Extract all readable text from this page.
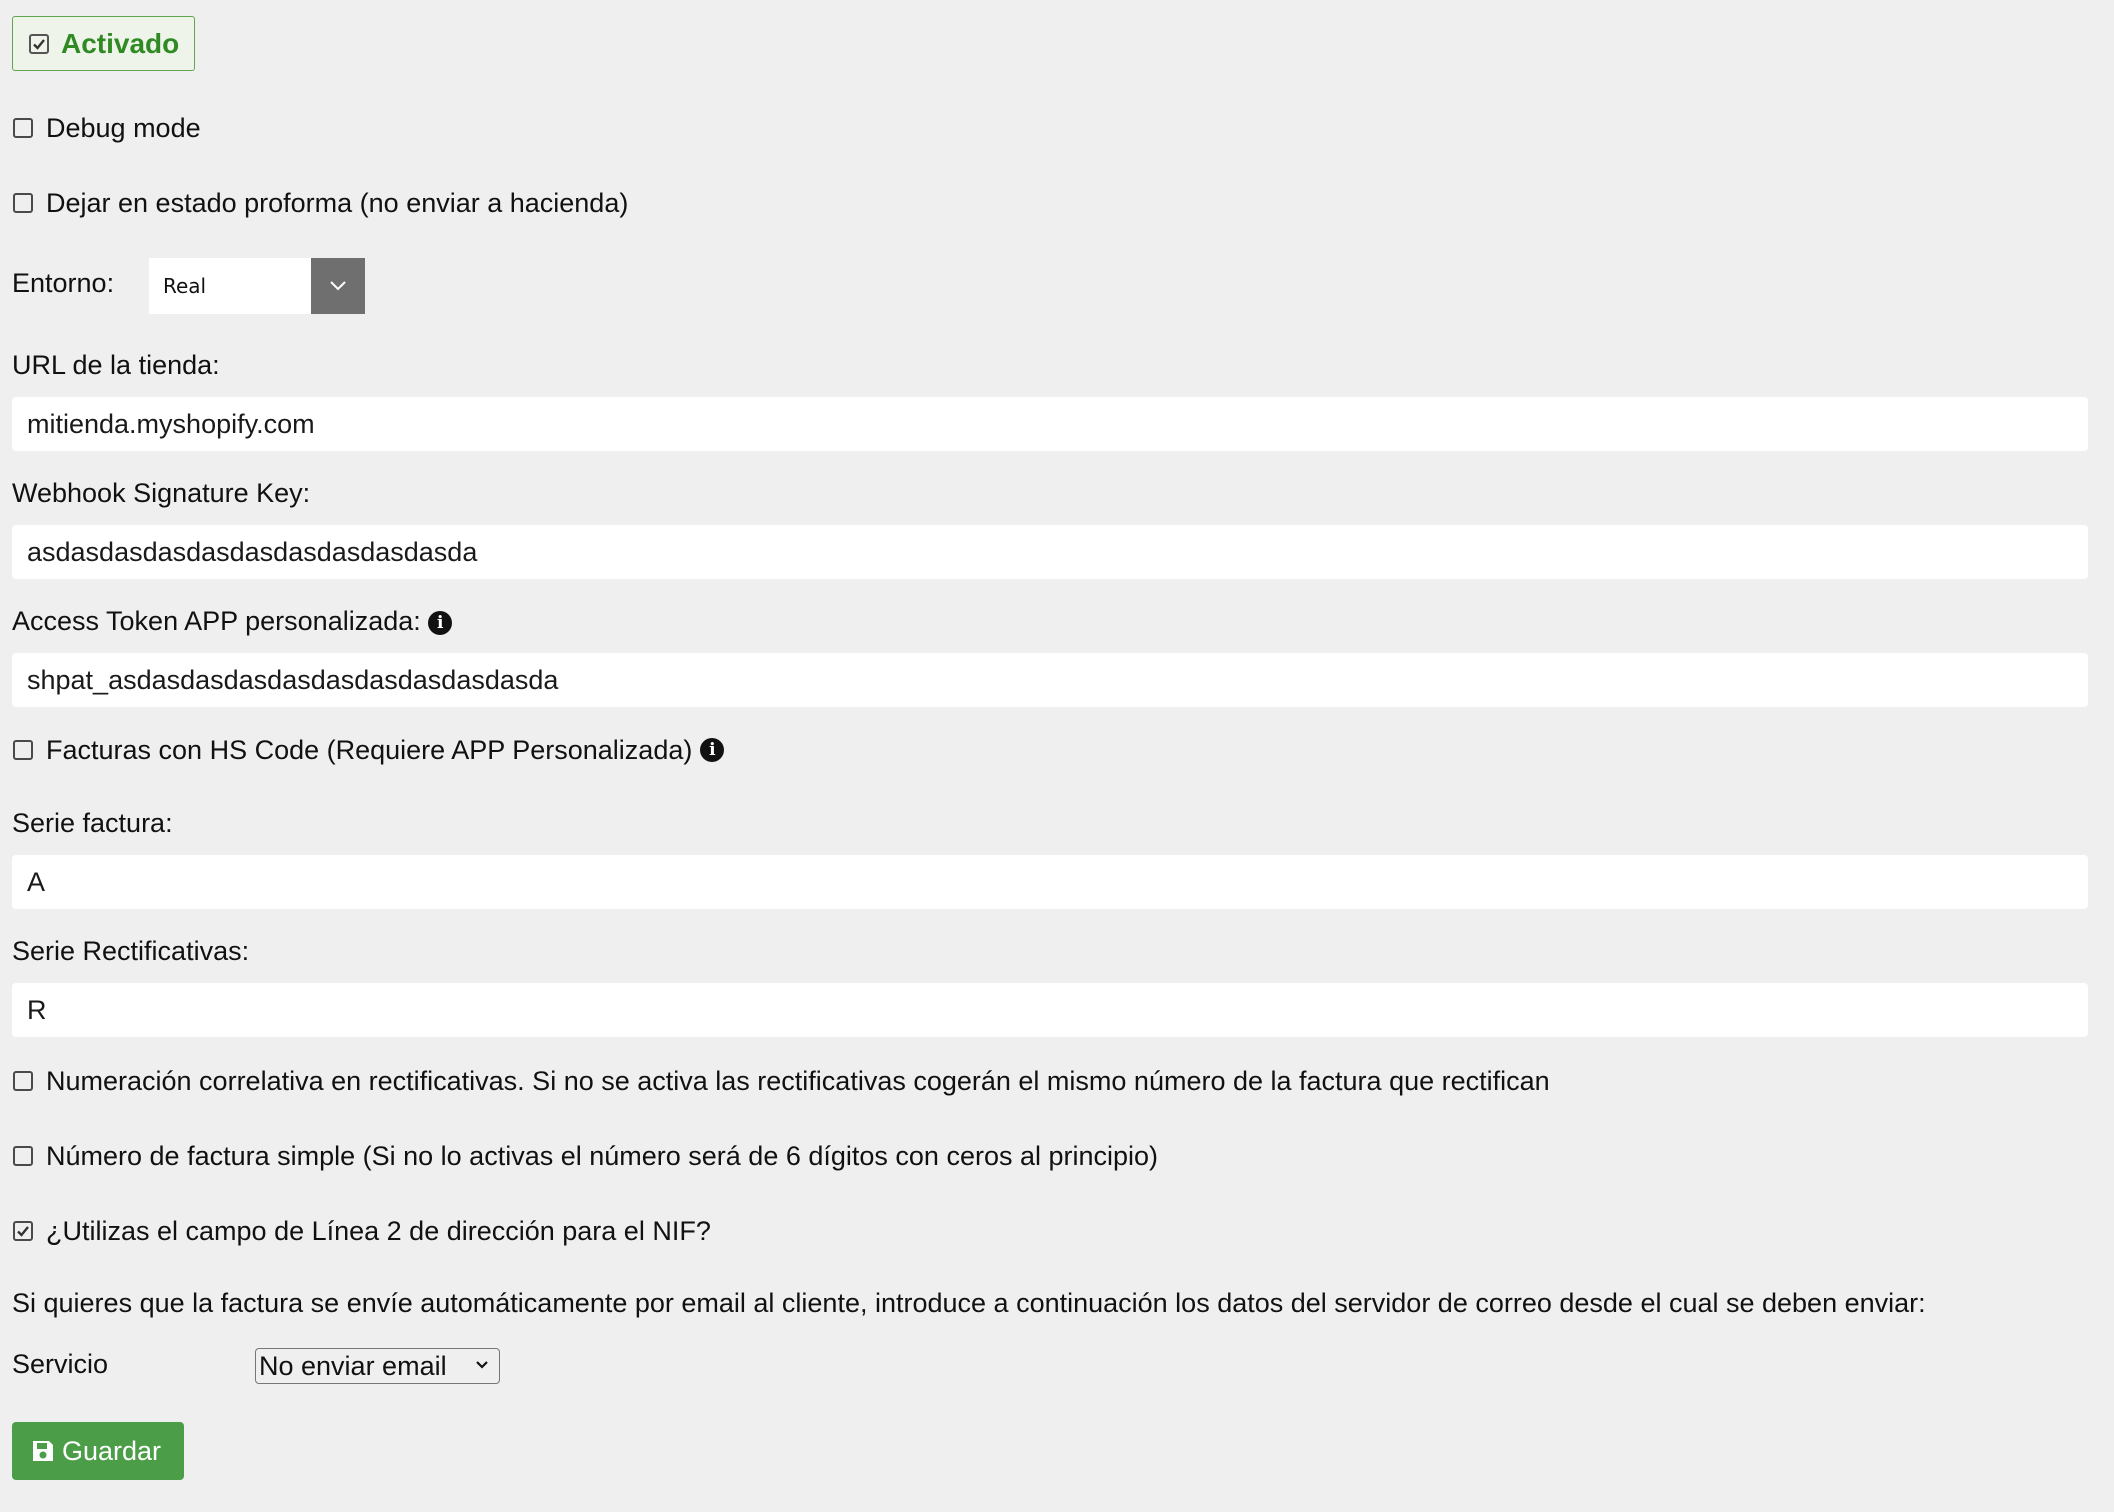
Activado
Debug mode
Dejar en estado proforma (no enviar a hacienda)
Entorno:	Real
URL de la tienda:
mitienda.myshopify.com
Webhook Signature Key:
asdasdasdasdasdasdasdasdasdasda
Access Token APP personalizada: i
shpat_asdasdasdasdasdasdasdasdasdasda
Facturas con HS Code (Requiere APP Personalizada) i
Serie factura:
A
Serie Rectificativas:
R
Numeración correlativa en rectificativas. Si no se activa las rectificativas cogerán el mismo número de la factura que rectifican
Número de factura simple (Si no lo activas el número será de 6 dígitos con ceros al principio)
¿Utilizas el campo de Línea 2 de dirección para el NIF?
Si quieres que la factura se envíe automáticamente por email al cliente, introduce a continuación los datos del servidor de correo desde el cual se deben enviar:
Servicio	No enviar email
Guardar
